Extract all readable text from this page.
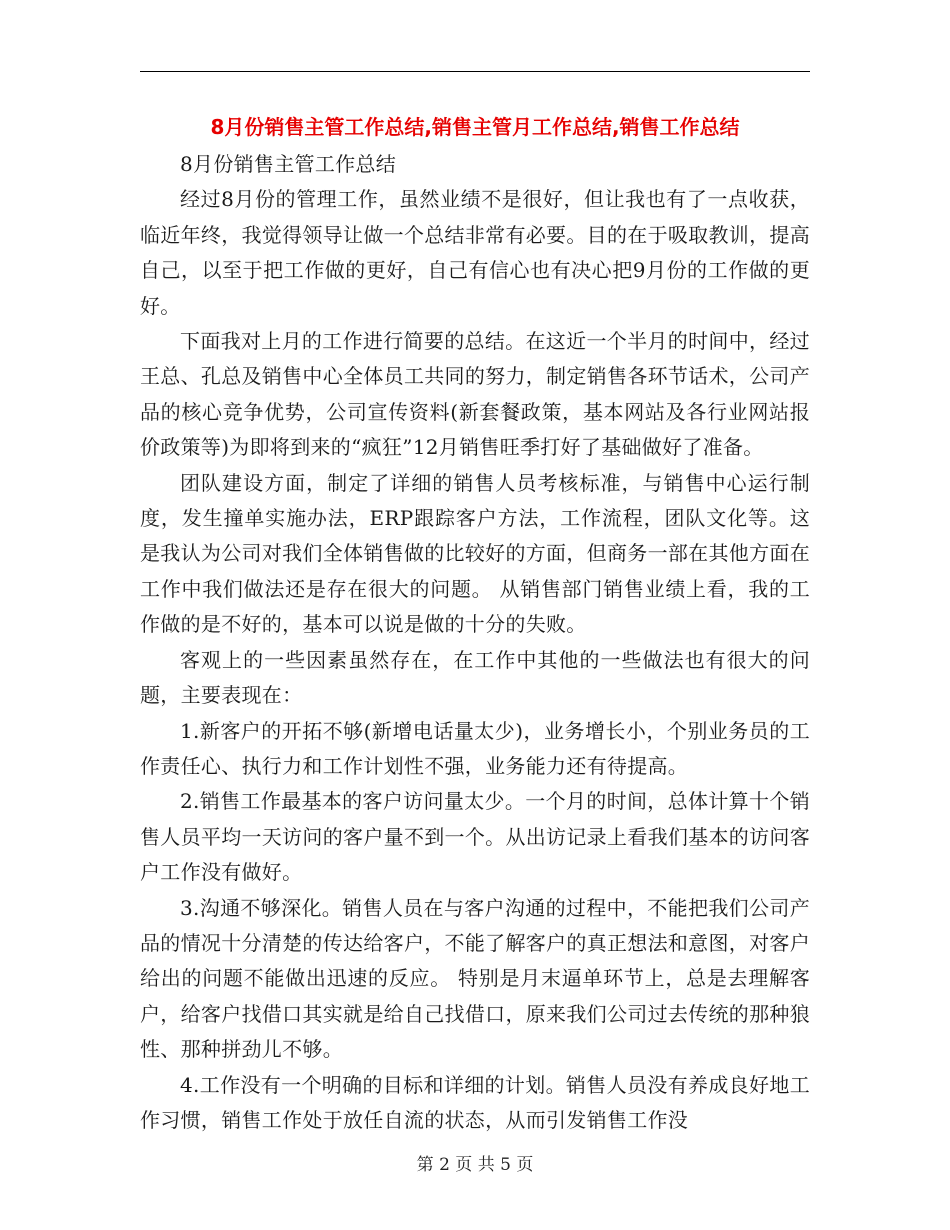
8月份销售主管工作总结,销售主管月工作总结,销售工作总结

8月份销售主管工作总结

经过8月份的管理工作，虽然业绩不是很好，但让我也有了一点收获，临近年终，我觉得领导让做一个总结非常有必要。目的在于吸取教训，提高自己，以至于把工作做的更好，自己有信心也有决心把9月份的工作做的更好。

下面我对上月的工作进行简要的总结。在这近一个半月的时间中，经过王总、孔总及销售中心全体员工共同的努力，制定销售各环节话术，公司产品的核心竞争优势，公司宣传资料(新套餐政策，基本网站及各行业网站报价政策等)为即将到来的“疯狂”12月销售旺季打好了基础做好了准备。

团队建设方面，制定了详细的销售人员考核标准，与销售中心运行制度，发生撞单实施办法，ERP跟踪客户方法，工作流程，团队文化等。这是我认为公司对我们全体销售做的比较好的方面，但商务一部在其他方面在工作中我们做法还是存在很大的问题。 从销售部门销售业绩上看，我的工作做的是不好的，基本可以说是做的十分的失败。

客观上的一些因素虽然存在，在工作中其他的一些做法也有很大的问题，主要表现在：

1.新客户的开拓不够(新增电话量太少)，业务增长小，个别业务员的工作责任心、执行力和工作计划性不强，业务能力还有待提高。

2.销售工作最基本的客户访问量太少。一个月的时间，总体计算十个销售人员平均一天访问的客户量不到一个。从出访记录上看我们基本的访问客户工作没有做好。

3.沟通不够深化。销售人员在与客户沟通的过程中，不能把我们公司产品的情况十分清楚的传达给客户，不能了解客户的真正想法和意图，对客户给出的问题不能做出迅速的反应。 特别是月末逼单环节上，总是去理解客户，给客户找借口其实就是给自己找借口，原来我们公司过去传统的那种狼性、那种拼劲儿不够。

4.工作没有一个明确的目标和详细的计划。销售人员没有养成良好地工作习惯，销售工作处于放任自流的状态，从而引发销售工作没

第 2 页 共 5 页
